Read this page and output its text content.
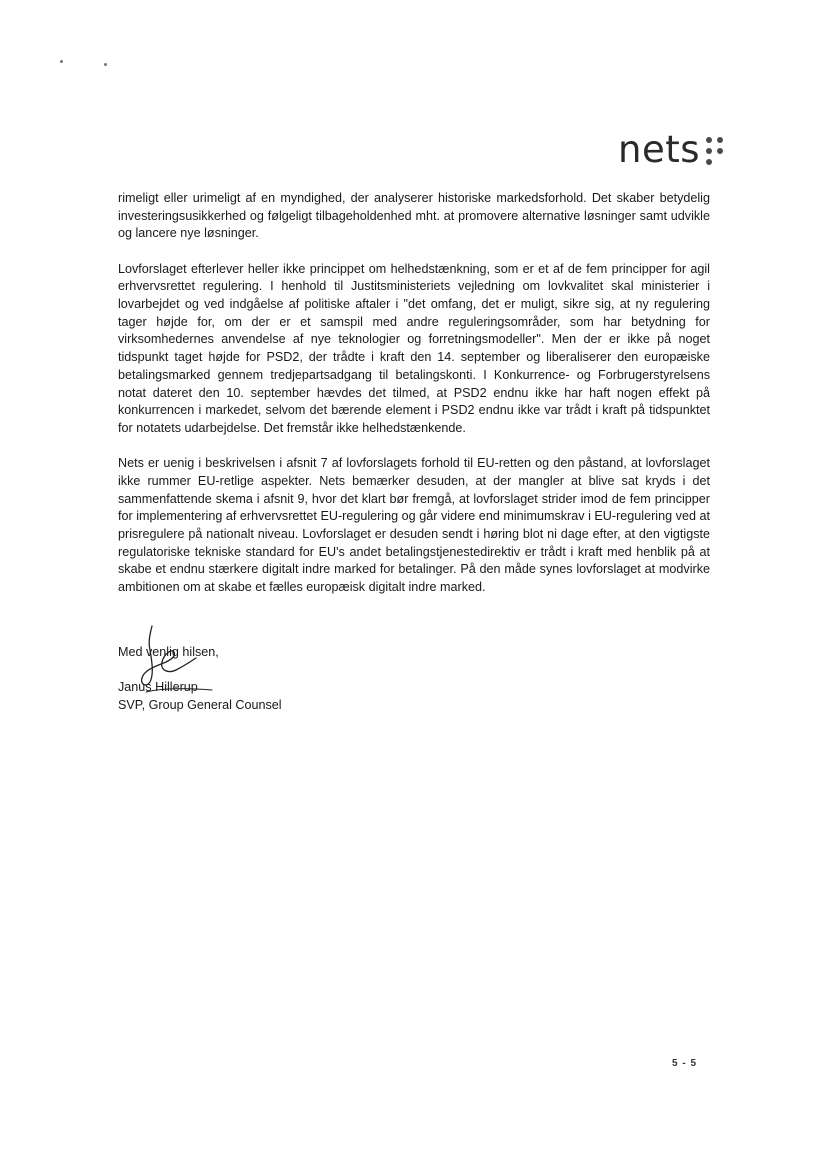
nets

rimeligt eller urimeligt af en myndighed, der analyserer historiske markedsforhold. Det skaber betydelig investeringsusikkerhed og følgeligt tilbageholdenhed mht. at promovere alternative løsninger samt udvikle og lancere nye løsninger.

Lovforslaget efterlever heller ikke princippet om helhedstænkning, som er et af de fem principper for agil erhvervsrettet regulering. I henhold til Justitsministeriets vejledning om lovkvalitet skal ministerier i lovarbejdet og ved indgåelse af politiske aftaler i "det omfang, det er muligt, sikre sig, at ny regulering tager højde for, om der er et samspil med andre reguleringsområder, som har betydning for virksomhedernes anvendelse af nye teknologier og forretningsmodeller". Men der er ikke på noget tidspunkt taget højde for PSD2, der trådte i kraft den 14. september og liberaliserer den europæiske betalingsmarked gennem tredjepartsadgang til betalingskonti. I Konkurrence- og Forbrugerstyrelsens notat dateret den 10. september hævdes det tilmed, at PSD2 endnu ikke har haft nogen effekt på konkurrencen i markedet, selvom det bærende element i PSD2 endnu ikke var trådt i kraft på tidspunktet for notatets udarbejdelse. Det fremstår ikke helhedstænkende.

Nets er uenig i beskrivelsen i afsnit 7 af lovforslagets forhold til EU-retten og den påstand, at lovforslaget ikke rummer EU-retlige aspekter. Nets bemærker desuden, at der mangler at blive sat kryds i det sammenfattende skema i afsnit 9, hvor det klart bør fremgå, at lovforslaget strider imod de fem principper for implementering af erhvervsrettet EU-regulering og går videre end minimumskrav i EU-regulering ved at prisregulere på nationalt niveau. Lovforslaget er desuden sendt i høring blot ni dage efter, at den vigtigste regulatoriske tekniske standard for EU's andet betalingstjenestedirektiv er trådt i kraft med henblik på at skabe et endnu stærkere digitalt indre marked for betalinger. På den måde synes lovforslaget at modvirke ambitionen om at skabe et fælles europæisk digitalt indre marked.

Med venlig hilsen,
Janus Hillerup
SVP, Group General Counsel
5 - 5
